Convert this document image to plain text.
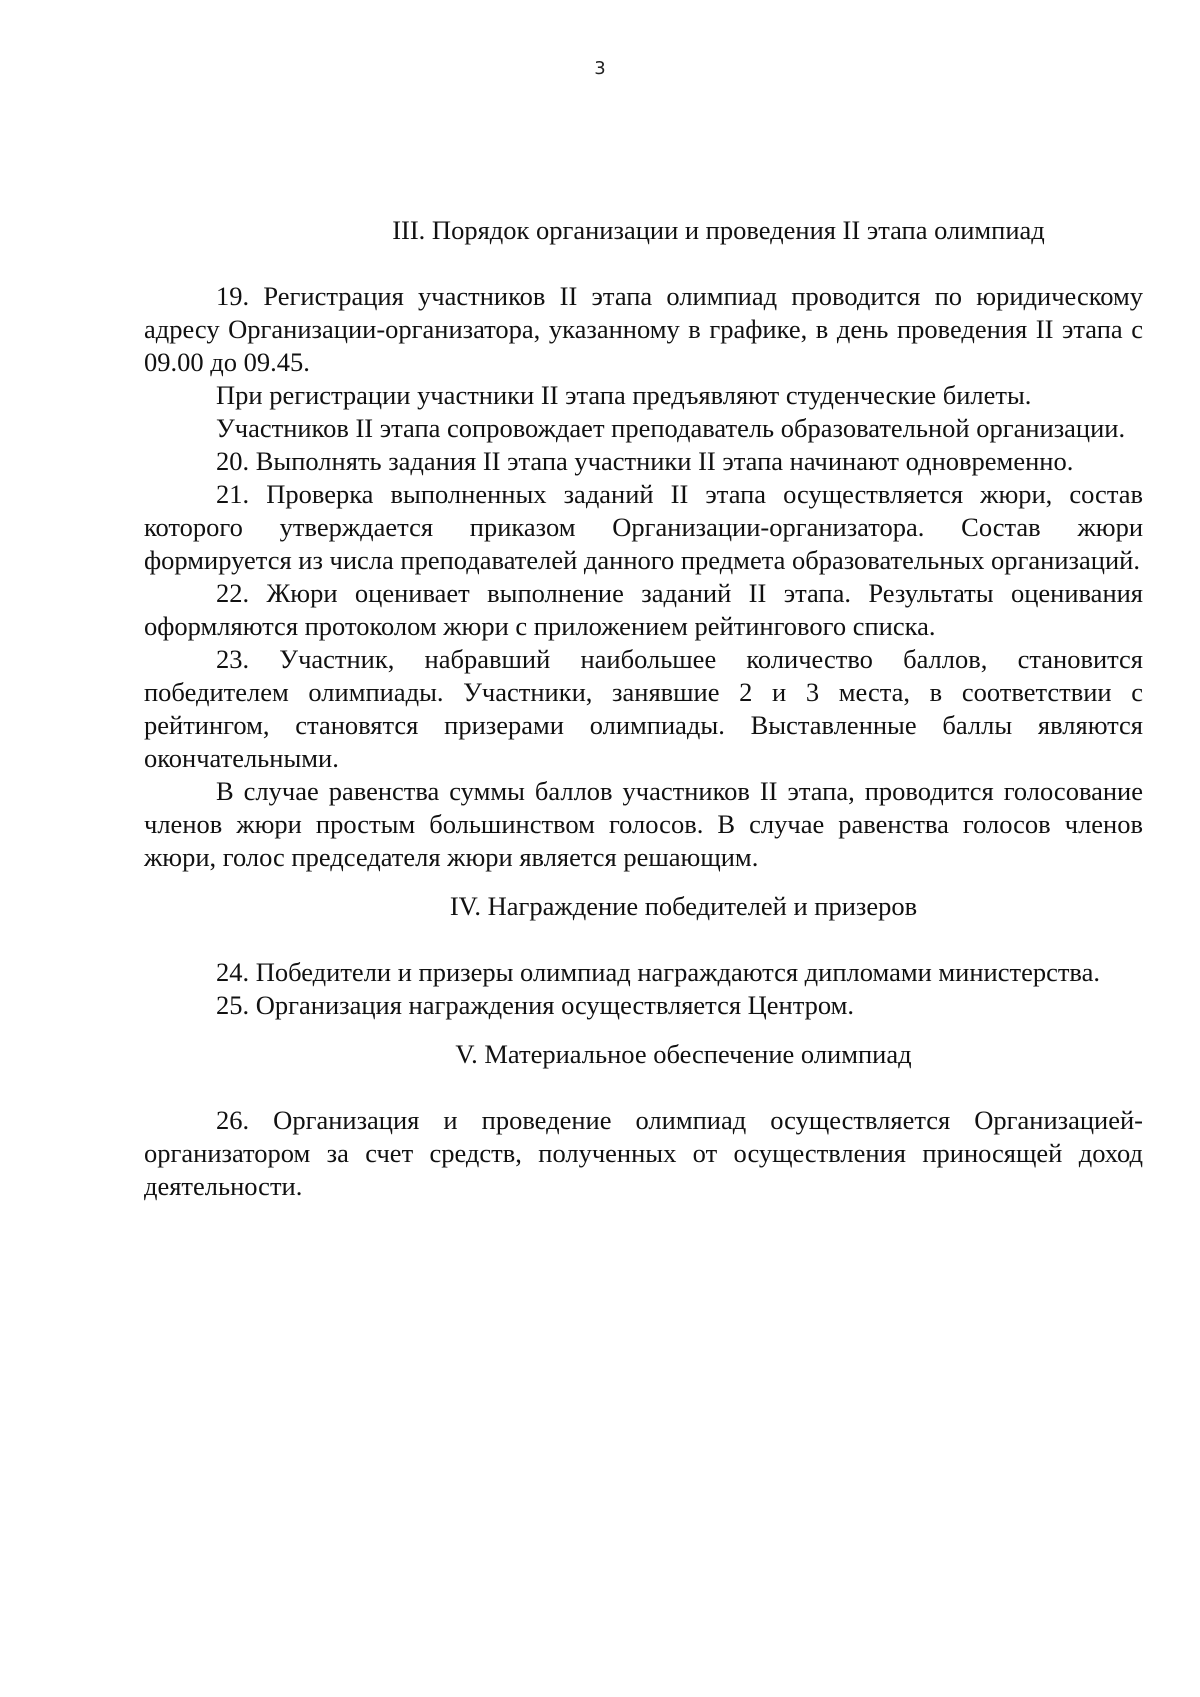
3

III. Порядок организации и проведения II этапа олимпиад

19. Регистрация участников II этапа олимпиад проводится по юридическому адресу Организации-организатора, указанному в графике, в день проведения II этапа с 09.00 до 09.45.

При регистрации участники II этапа предъявляют студенческие билеты.

Участников II этапа сопровождает преподаватель образовательной организации.

20. Выполнять задания II этапа участники II этапа начинают одновременно.

21. Проверка выполненных заданий II этапа осуществляется жюри, состав которого утверждается приказом Организации-организатора. Состав жюри формируется из числа преподавателей данного предмета образовательных организаций.

22. Жюри оценивает выполнение заданий II этапа. Результаты оценивания оформляются протоколом жюри с приложением рейтингового списка.

23. Участник, набравший наибольшее количество баллов, становится победителем олимпиады. Участники, занявшие 2 и 3 места, в соответствии с рейтингом, становятся призерами олимпиады. Выставленные баллы являются окончательными.

В случае равенства суммы баллов участников II этапа, проводится голосование членов жюри простым большинством голосов. В случае равенства голосов членов жюри, голос председателя жюри является решающим.

IV. Награждение победителей и призеров

24. Победители и призеры олимпиад награждаются дипломами министерства.

25. Организация награждения осуществляется Центром.

V. Материальное обеспечение олимпиад

26. Организация и проведение олимпиад осуществляется Организацией-организатором за счет средств, полученных от осуществления приносящей доход деятельности.
